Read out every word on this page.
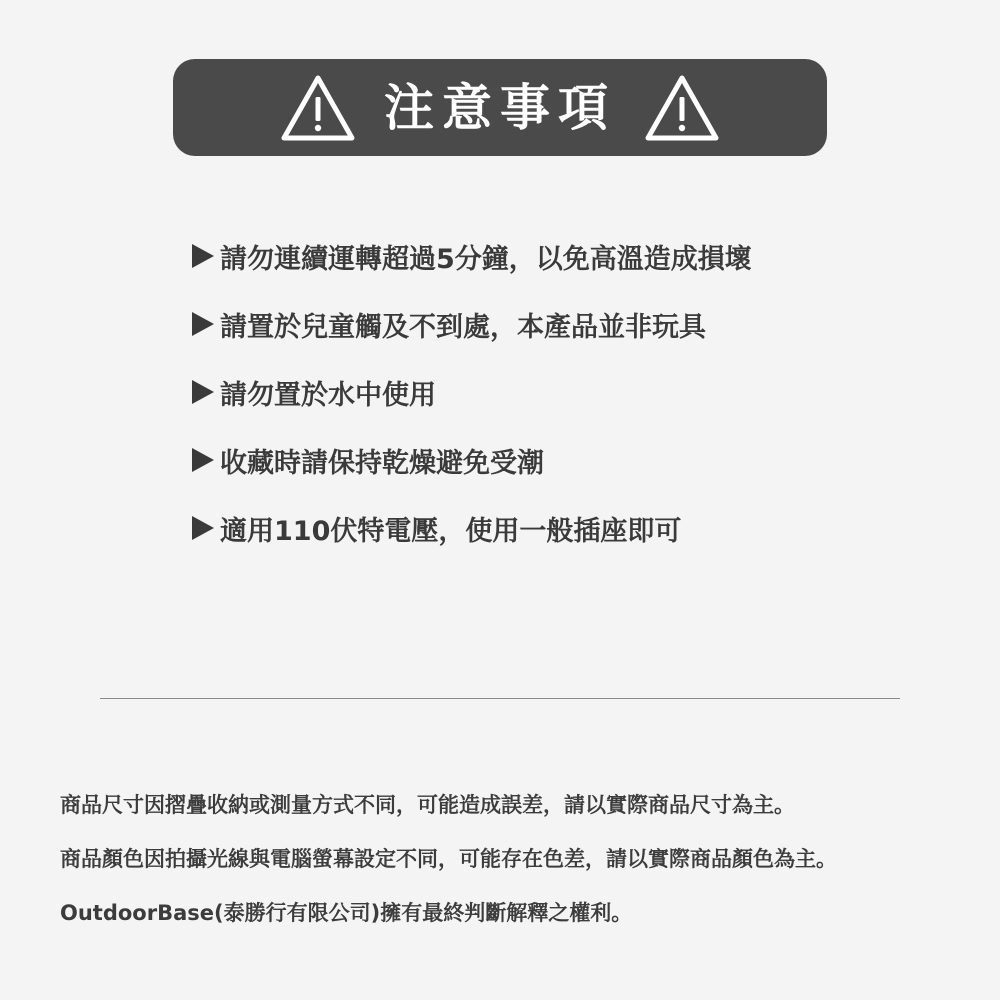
注意事項
請勿連續運轉超過5分鐘，以免高溫造成損壞
請置於兒童觸及不到處，本產品並非玩具
請勿置於水中使用
收藏時請保持乾燥避免受潮
適用110伏特電壓，使用一般插座即可
商品尺寸因摺疊收納或測量方式不同，可能造成誤差，請以實際商品尺寸為主。
商品顏色因拍攝光線與電腦螢幕設定不同，可能存在色差，請以實際商品顏色為主。
OutdoorBase(泰勝行有限公司)擁有最終判斷解釋之權利。
